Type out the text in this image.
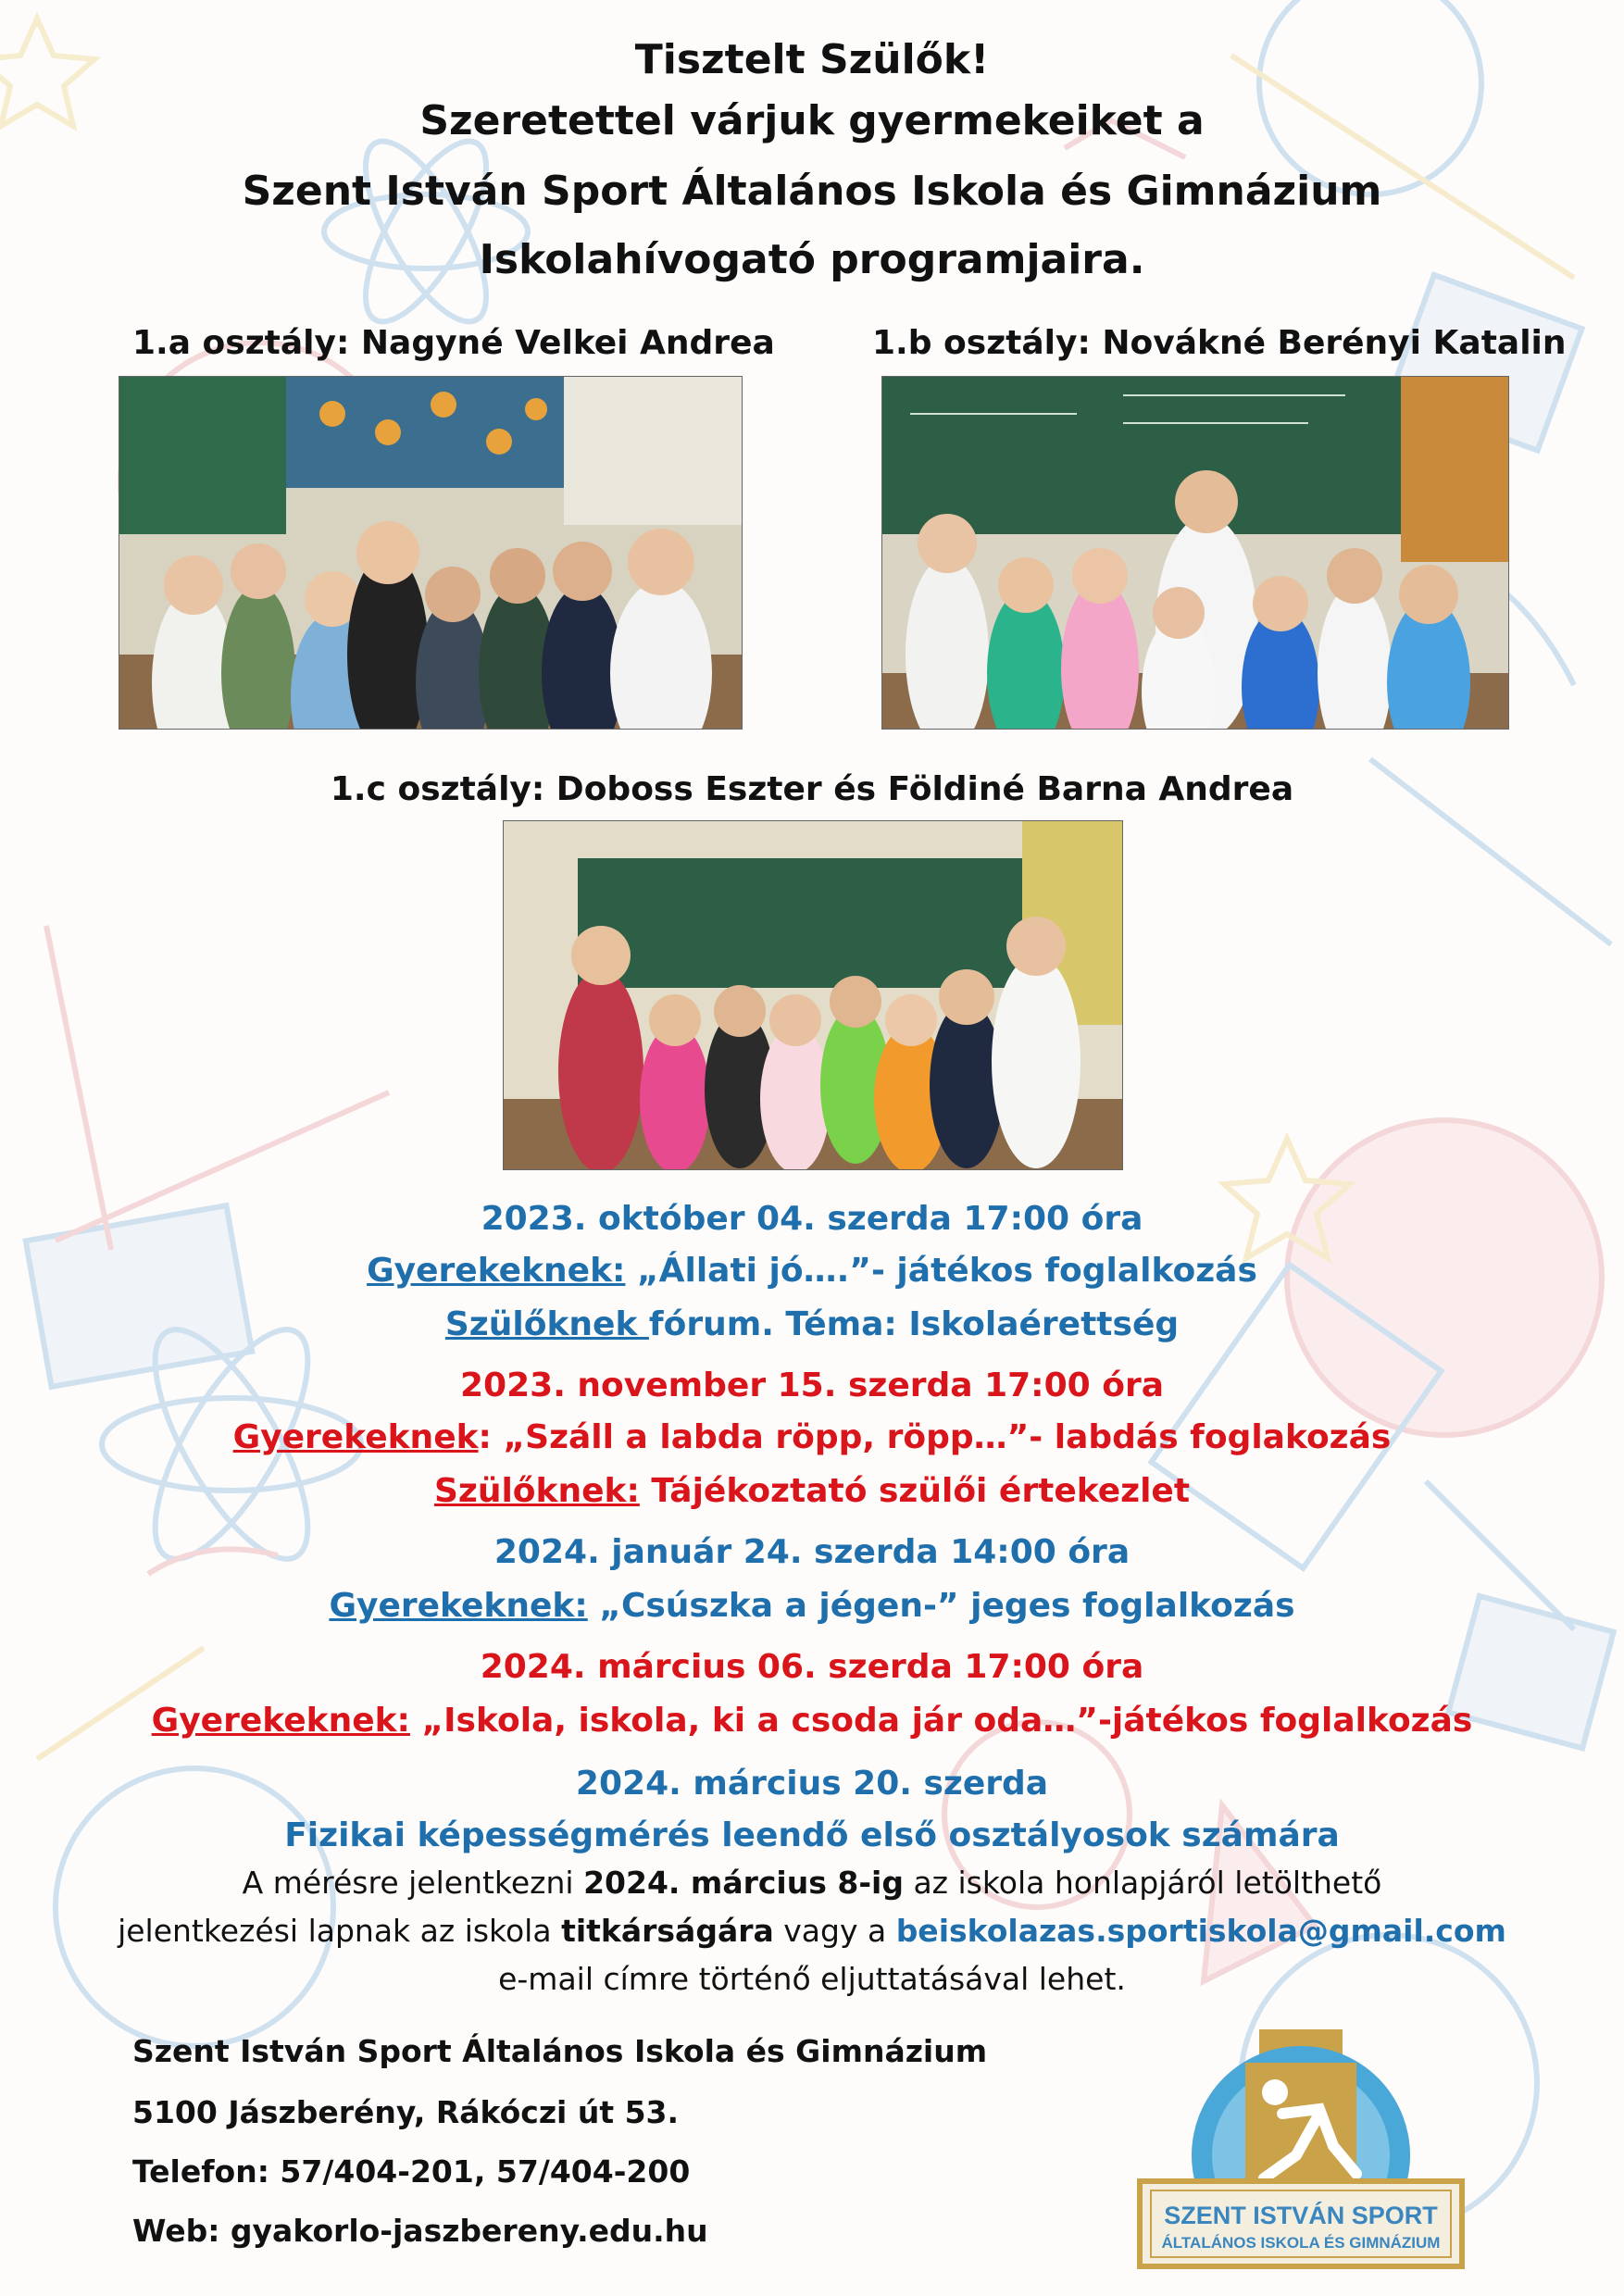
Tisztelt Szülők!
Szeretettel várjuk gyermekeiket a
Szent István Sport Általános Iskola és Gimnázium
Iskolahívogató programjaira.
1.a osztály: Nagyné Velkei Andrea	1.b osztály: Novákné Berényi Katalin
1.c osztály: Doboss Eszter és Földiné Barna Andrea
2023. október 04. szerda 17:00 óra
Gyerekeknek: „Állati jó….”- játékos foglalkozás
Szülőknek fórum. Téma: Iskolaérettség
2023. november 15. szerda 17:00 óra
Gyerekeknek: „Száll a labda röpp, röpp…”- labdás foglakozás
Szülőknek: Tájékoztató szülői értekezlet
2024. január 24. szerda 14:00 óra
Gyerekeknek: „Csúszka a jégen-” jeges foglalkozás
2024. március 06. szerda 17:00 óra
Gyerekeknek: „Iskola, iskola, ki a csoda jár oda…”-játékos foglalkozás
2024. március 20. szerda
Fizikai képességmérés leendő első osztályosok számára
A mérésre jelentkezni 2024. március 8-ig az iskola honlapjáról letölthető
jelentkezési lapnak az iskola titkárságára vagy a beiskolazas.sportiskola@gmail.com
e-mail címre történő eljuttatásával lehet.
Szent István Sport Általános Iskola és Gimnázium
5100 Jászberény, Rákóczi út 53.
Telefon: 57/404-201, 57/404-200
Web: gyakorlo-jaszbereny.edu.hu	SZENT ISTVÁN SPORT
ÁLTALÁNOS ISKOLA ÉS GIMNÁZIUM
